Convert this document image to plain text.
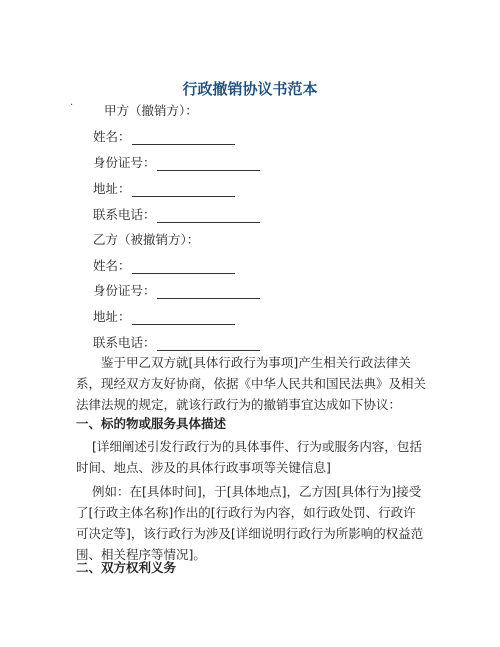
行政撤销协议书范本
· 甲方（撤销方）：
姓名：
身份证号：
地址：
联系电话：
乙方（被撤销方）：
姓名：
身份证号：
地址：
联系电话：
鉴于甲乙双方就[具体行政行为事项]产生相关行政法律关系，现经双方友好协商，依据《中华人民共和国民法典》及相关法律法规的规定，就该行政行为的撤销事宜达成如下协议：
一、标的物或服务具体描述
[详细阐述引发行政行为的具体事件、行为或服务内容，包括时间、地点、涉及的具体行政事项等关键信息]
例如：在[具体时间]，于[具体地点]，乙方因[具体行为]接受了[行政主体名称]作出的[行政行为内容，如行政处罚、行政许可决定等]，该行政行为涉及[详细说明行政行为所影响的权益范围、相关程序等情况]。
二、双方权利义务
